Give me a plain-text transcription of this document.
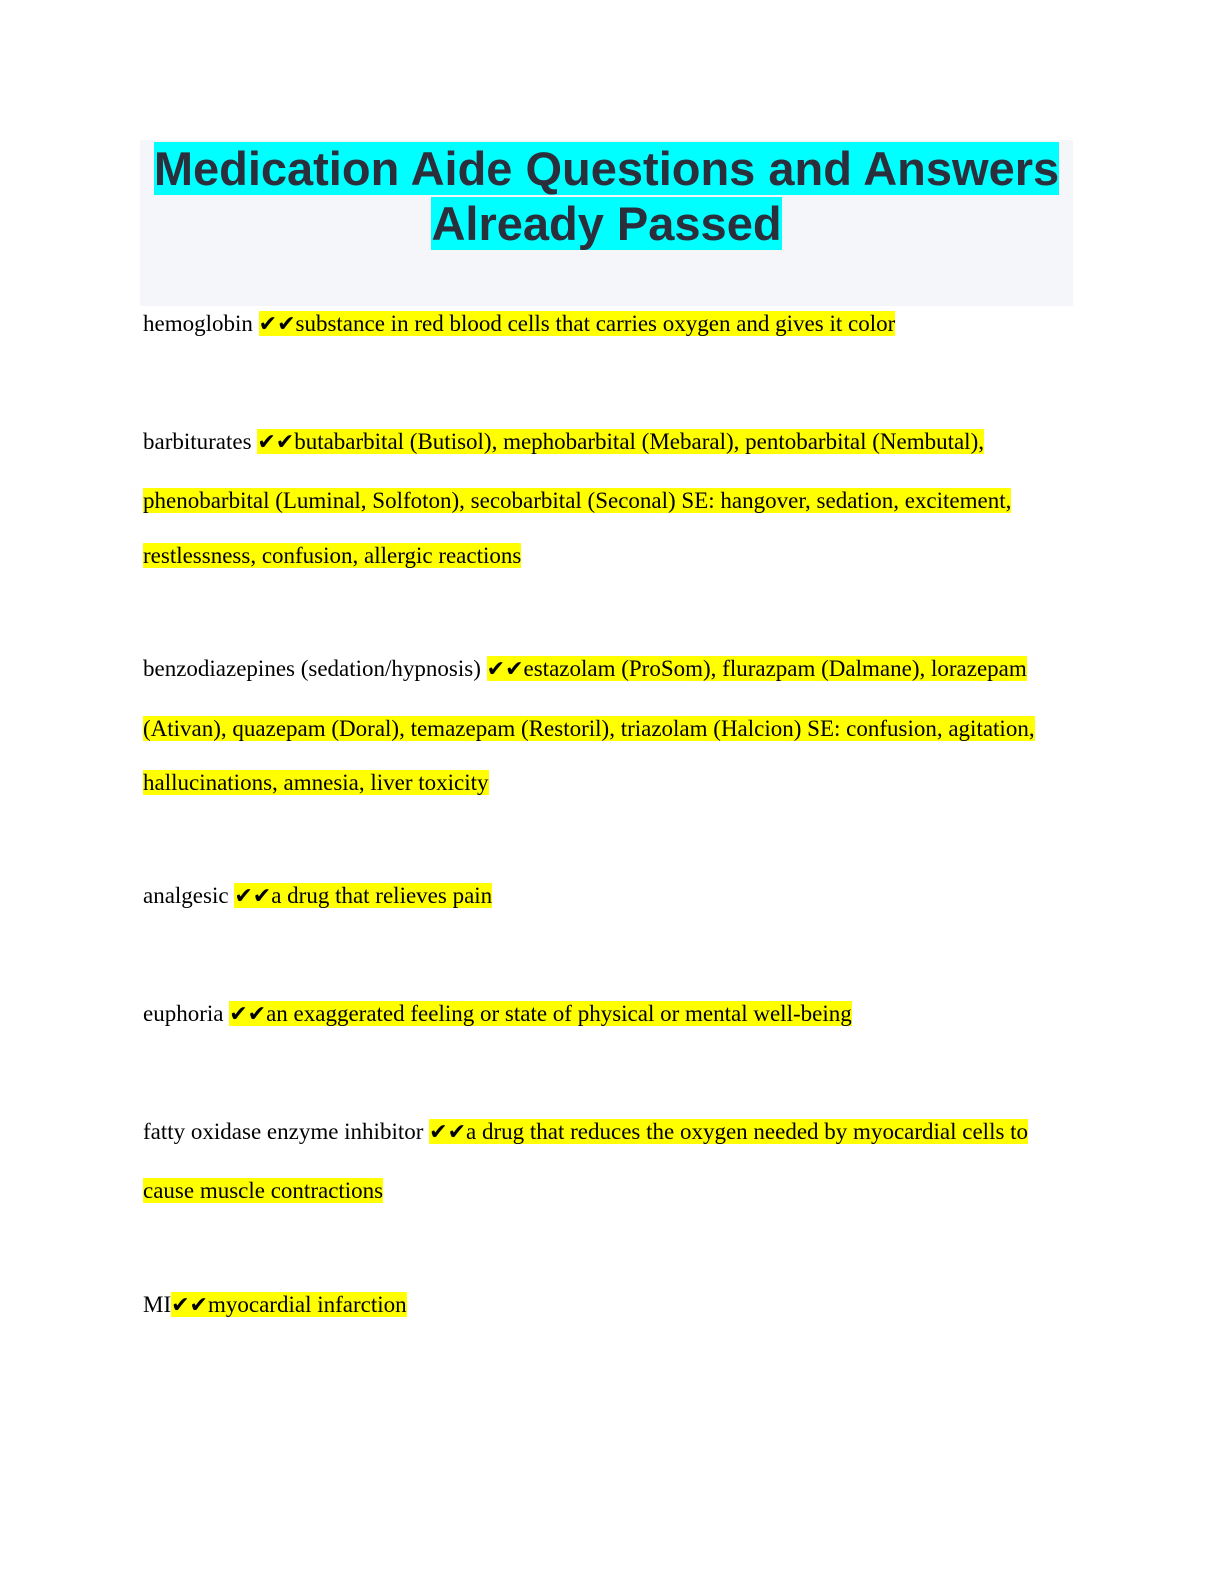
Medication Aide Questions and Answers
Already Passed
hemoglobin ✔✔substance in red blood cells that carries oxygen and gives it color
barbiturates ✔✔butabarbital (Butisol), mephobarbital (Mebaral), pentobarbital (Nembutal),
phenobarbital (Luminal, Solfoton), secobarbital (Seconal) SE: hangover, sedation, excitement,
restlessness, confusion, allergic reactions
benzodiazepines (sedation/hypnosis) ✔✔estazolam (ProSom), flurazpam (Dalmane), lorazepam
(Ativan), quazepam (Doral), temazepam (Restoril), triazolam (Halcion) SE: confusion, agitation,
hallucinations, amnesia, liver toxicity
analgesic ✔✔a drug that relieves pain
euphoria ✔✔an exaggerated feeling or state of physical or mental well-being
fatty oxidase enzyme inhibitor ✔✔a drug that reduces the oxygen needed by myocardial cells to
cause muscle contractions
MI✔✔myocardial infarction
